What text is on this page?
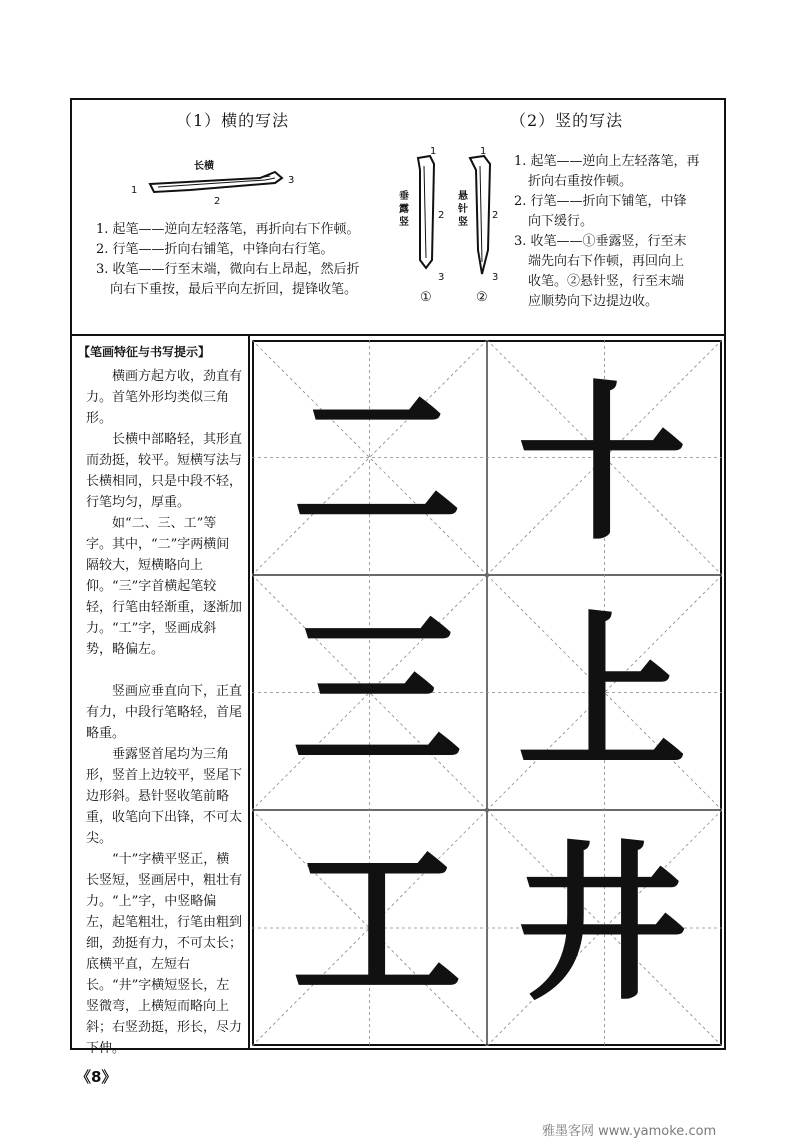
（1）横的写法
长横
1
2
3
1. 起笔——逆向左轻落笔，再折向右下作顿。
2. 行笔——折向右铺笔，中锋向右行笔。
3. 收笔——行至末端，微向右上昂起，然后折
向右下重按，最后平向左折回，提锋收笔。
（2）竖的写法
垂露竖
悬针竖
1
2
3
1
2
3
①	②
1. 起笔——逆向上左轻落笔，再
折向右重按作顿。
2. 行笔——折向下铺笔，中锋
向下缓行。
3. 收笔——①垂露竖，行至末
端先向右下作顿，再回向上
收笔。②悬针竖，行至末端
应顺势向下边提边收。
【笔画特征与书写提示】

横画方起方收，劲直有力。首笔外形均类似三角形。

长横中部略轻，其形直而劲挺，较平。短横写法与长横相同，只是中段不轻，行笔均匀，厚重。

如“二、三、工”等字。其中，“二”字两横间隔较大，短横略向上仰。“三”字首横起笔较轻，行笔由轻渐重，逐渐加力。“工”字，竖画成斜势，略偏左。

竖画应垂直向下，正直有力，中段行笔略轻，首尾略重。

垂露竖首尾均为三角形，竖首上边较平，竖尾下边形斜。悬针竖收笔前略重，收笔向下出锋，不可太尖。

“十”字横平竖正，横长竖短，竖画居中，粗壮有力。“上”字，中竖略偏左，起笔粗壮，行笔由粗到细，劲挺有力，不可太长；底横平直，左短右长。“井”字横短竖长，左竖微弯，上横短而略向上斜；右竖劲挺，形长，尽力下伸。

二 十
三 上
工 井
《8》
雅墨客网 www.yamoke.com
